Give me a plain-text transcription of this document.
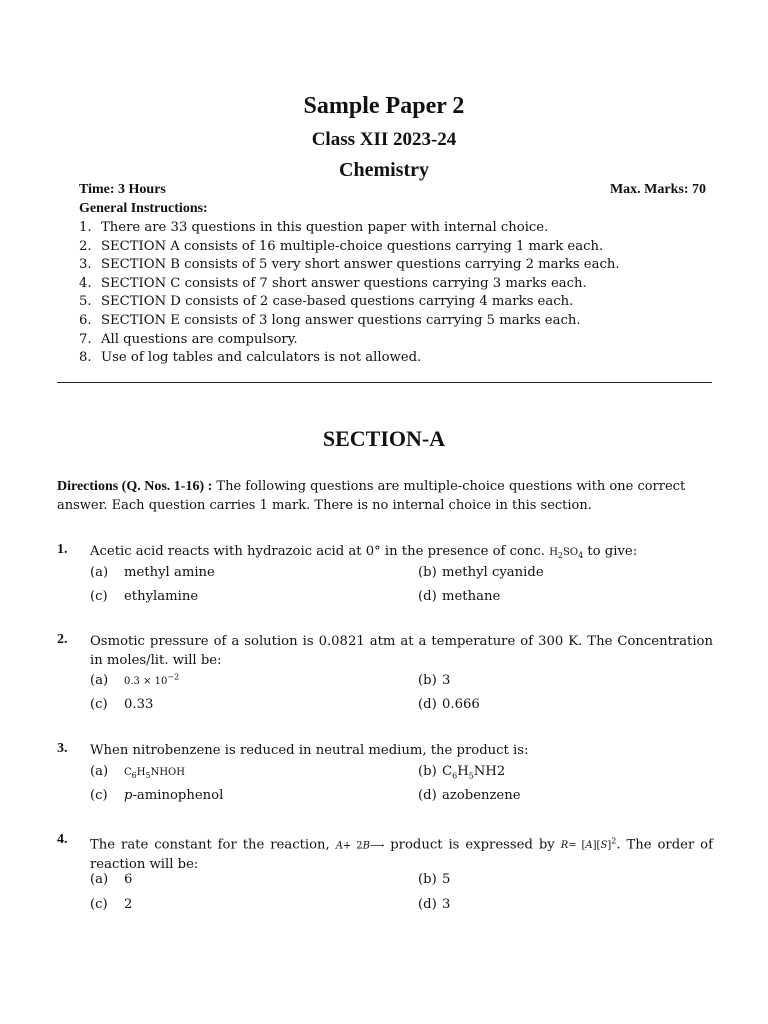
Sample Paper 2
Class XII 2023-24
Chemistry
Time: 3 Hours	Max. Marks: 70
General Instructions:
1. There are 33 questions in this question paper with internal choice.
2. SECTION A consists of 16 multiple-choice questions carrying 1 mark each.
3. SECTION B consists of 5 very short answer questions carrying 2 marks each.
4. SECTION C consists of 7 short answer questions carrying 3 marks each.
5. SECTION D consists of 2 case-based questions carrying 4 marks each.
6. SECTION E consists of 3 long answer questions carrying 5 marks each.
7. All questions are compulsory.
8. Use of log tables and calculators is not allowed.
SECTION-A
Directions (Q. Nos. 1-16) : The following questions are multiple-choice questions with one correct answer. Each question carries 1 mark. There is no internal choice in this section.
1. Acetic acid reacts with hydrazoic acid at 0° in the presence of conc. $H_2SO_4$ to give:
(a) methyl amine	(b) methyl cyanide
(c) ethylamine	(d) methane
2. Osmotic pressure of a solution is 0.0821 atm at a temperature of 300 K. The Concentration in moles/lit. will be:
(a) $0.3 \times 10^{-2}$	(b) 3
(c) 0.33	(d) 0.666
3. When nitrobenzene is reduced in neutral medium, the product is:
(a) $C_6H_5NHOH$	(b) $C_6H_5NH2$
(c) p-aminophenol	(d) azobenzene
4. The rate constant for the reaction, A+ 2B⟶ product is expressed by $R= [A][S]^2$. The order of reaction will be:
(a) 6	(b) 5
(c) 2	(d) 3
